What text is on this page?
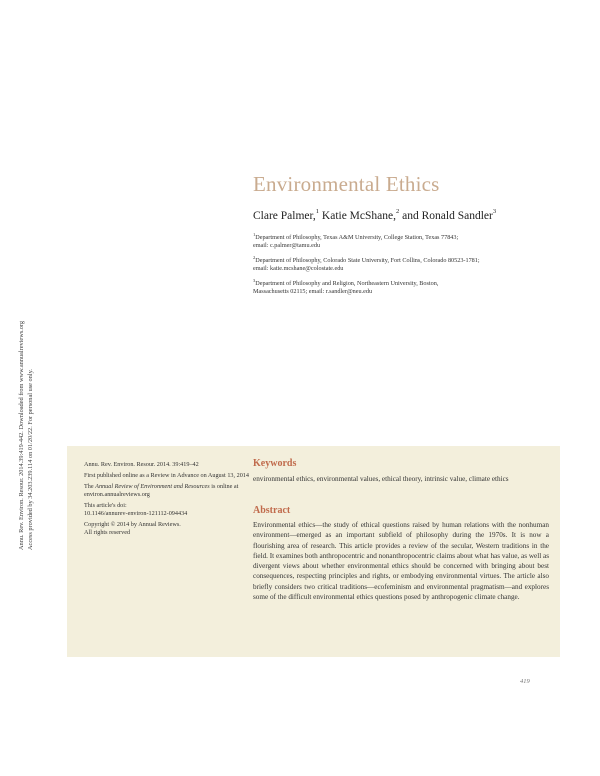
Annu. Rev. Environ. Resour. 2014.39:419-442. Downloaded from www.annualreviews.org Access provided by 34.203.239.114 on 01/20/22. For personal use only.
Environmental Ethics
Clare Palmer,$^1$ Katie McShane,$^2$ and Ronald Sandler$^3$
$^1$Department of Philosophy, Texas A&M University, College Station, Texas 77843;
email: c.palmer@tamu.edu
$^2$Department of Philosophy, Colorado State University, Fort Collins, Colorado 80523-1781;
email: katie.mcshane@colostate.edu
$^3$Department of Philosophy and Religion, Northeastern University, Boston,
Massachusetts 02115; email: r.sandler@neu.edu

Annu. Rev. Environ. Resour. 2014. 39:419–42

First published online as a Review in Advance on August 13, 2014

The Annual Review of Environment and Resources is online at environ.annualreviews.org

This article's doi:
10.1146/annurev-environ-121112-094434

Copyright © 2014 by Annual Reviews.
All rights reserved

Keywords
environmental ethics, environmental values, ethical theory, intrinsic value, climate ethics
Abstract
Environmental ethics—the study of ethical questions raised by human relations with the nonhuman environment—emerged as an important subfield of philosophy during the 1970s. It is now a flourishing area of research. This article provides a review of the secular, Western traditions in the field. It examines both anthropocentric and nonanthropocentric claims about what has value, as well as divergent views about whether environmental ethics should be concerned with bringing about best consequences, respecting principles and rights, or embodying environmental virtues. The article also briefly considers two critical traditions—ecofeminism and environmental pragmatism—and explores some of the difficult environmental ethics questions posed by anthropogenic climate change.
419
